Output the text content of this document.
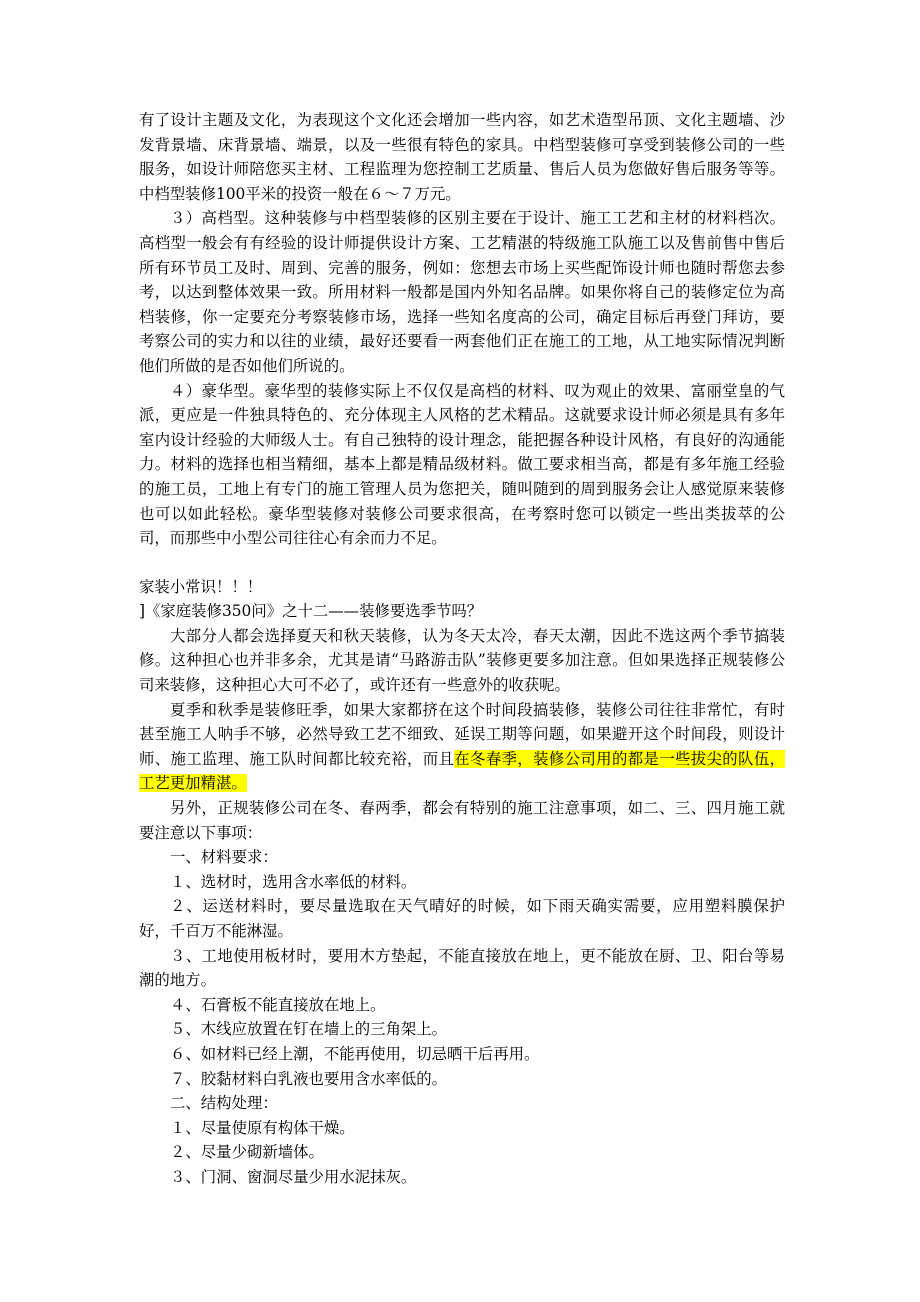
有了设计主题及文化，为表现这个文化还会增加一些内容，如艺术造型吊顶、文化主题墙、沙发背景墙、床背景墙、端景，以及一些很有特色的家具。中档型装修可享受到装修公司的一些服务，如设计师陪您买主材、工程监理为您控制工艺质量、售后人员为您做好售后服务等等。中档型装修100平米的投资一般在６～７万元。

３）高档型。这种装修与中档型装修的区别主要在于设计、施工工艺和主材的材料档次。高档型一般会有有经验的设计师提供设计方案、工艺精湛的特级施工队施工以及售前售中售后所有环节员工及时、周到、完善的服务，例如：您想去市场上买些配饰设计师也随时帮您去参考，以达到整体效果一致。所用材料一般都是国内外知名品牌。如果你将自己的装修定位为高档装修，你一定要充分考察装修市场，选择一些知名度高的公司，确定目标后再登门拜访，要考察公司的实力和以往的业绩，最好还要看一两套他们正在施工的工地，从工地实际情况判断他们所做的是否如他们所说的。

４）豪华型。豪华型的装修实际上不仅仅是高档的材料、叹为观止的效果、富丽堂皇的气派，更应是一件独具特色的、充分体现主人风格的艺术精品。这就要求设计师必须是具有多年室内设计经验的大师级人士。有自己独特的设计理念，能把握各种设计风格，有良好的沟通能力。材料的选择也相当精细，基本上都是精品级材料。做工要求相当高，都是有多年施工经验的施工员，工地上有专门的施工管理人员为您把关，随叫随到的周到服务会让人感觉原来装修也可以如此轻松。豪华型装修对装修公司要求很高，在考察时您可以锁定一些出类拔萃的公司，而那些中小型公司往往心有余而力不足。

家装小常识！！！

]《家庭装修350问》之十二——装修要选季节吗？

大部分人都会选择夏天和秋天装修，认为冬天太冷，春天太潮，因此不选这两个季节搞装修。这种担心也并非多余，尤其是请“马路游击队”装修更要多加注意。但如果选择正规装修公司来装修，这种担心大可不必了，或许还有一些意外的收获呢。

夏季和秋季是装修旺季，如果大家都挤在这个时间段搞装修，装修公司往往非常忙，有时甚至施工人呐手不够，必然导致工艺不细致、延误工期等问题，如果避开这个时间段，则设计师、施工监理、施工队时间都比较充裕，而且在冬春季，装修公司用的都是一些拔尖的队伍，工艺更加精湛。

另外，正规装修公司在冬、春两季，都会有特别的施工注意事项，如二、三、四月施工就要注意以下事项：

一、材料要求：

１、选材时，选用含水率低的材料。

２、运送材料时，要尽量选取在天气晴好的时候，如下雨天确实需要，应用塑料膜保护好，千百万不能淋湿。

３、工地使用板材时，要用木方垫起，不能直接放在地上，更不能放在厨、卫、阳台等易潮的地方。

４、石膏板不能直接放在地上。

５、木线应放置在钉在墙上的三角架上。

６、如材料已经上潮，不能再使用，切忌晒干后再用。

７、胶黏材料白乳液也要用含水率低的。

二、结构处理：

１、尽量使原有构体干燥。

２、尽量少砌新墙体。

３、门洞、窗洞尽量少用水泥抹灰。
